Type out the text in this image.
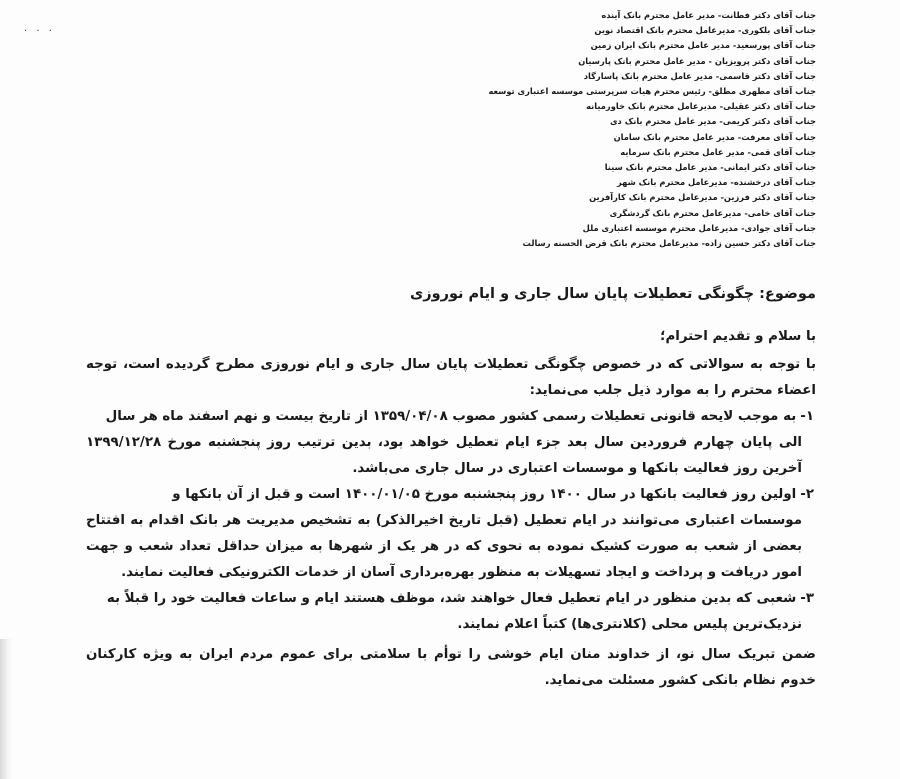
· · ·
جناب آقای دکتر فطانت- مدیر عامل محترم بانک آینده
جناب آقای بلکوری- مدیرعامل محترم بانک اقتصاد نوین
جناب آقای پورسعید- مدیر عامل محترم بانک ایران زمین
جناب آقای دکتر پرویزیان - مدیر عامل محترم بانک پارسیان
جناب آقای دکتر قاسمی- مدیر عامل محترم بانک پاسارگاد
جناب آقای مطهری مطلق- رئیس محترم هیات سرپرستی موسسه اعتباری توسعه
جناب آقای دکتر عقیلی- مدیرعامل محترم بانک خاورمیانه
جناب آقای دکتر کریمی- مدیر عامل محترم بانک دی
جناب آقای معرفت- مدیر عامل محترم بانک سامان
جناب آقای قمی- مدیر عامل محترم بانک سرمایه
جناب آقای دکتر ایمانی- مدیر عامل محترم بانک سینا
جناب آقای درخشنده- مدیرعامل محترم بانک شهر
جناب آقای دکتر فرزین- مدیرعامل محترم بانک کارآفرین
جناب آقای خامی- مدیرعامل محترم بانک گردشگری
جناب آقای جوادی- مدیرعامل محترم موسسه اعتباری ملل
جناب آقای دکتر حسین زاده- مدیرعامل محترم بانک قرض الحسنه رسالت
موضوع: چگونگی تعطیلات پایان سال جاری و ایام نوروزی

با سلام و تقدیم احترام؛

با توجه به سوالاتی که در خصوص چگونگی تعطیلات پایان سال جاری و ایام نوروزی مطرح گردیده است، توجه اعضاء محترم را به موارد ذیل جلب می‌نماید:

۱-به موجب لایحه قانونی تعطیلات رسمی کشور مصوب ۱۳۵۹/۰۴/۰۸ از تاریخ بیست و نهم اسفند ماه هر سال
الی پایان چهارم فروردین سال بعد جزء ایام تعطیل خواهد بود، بدین ترتیب روز پنجشنبه مورخ ۱۳۹۹/۱۲/۲۸ آخرین روز فعالیت بانکها و موسسات اعتباری در سال جاری می‌باشد.

۲-اولین روز فعالیت بانکها در سال ۱۴۰۰ روز پنجشنبه مورخ ۱۴۰۰/۰۱/۰۵ است و قبل از آن بانکها و
موسسات اعتباری می‌توانند در ایام تعطیل (قبل تاریخ اخیرالذکر) به تشخیص مدیریت هر بانک اقدام به افتتاح بعضی از شعب به صورت کشیک نموده به نحوی که در هر یک از شهرها به میزان حداقل تعداد شعب و جهت امور دریافت و پرداخت و ایجاد تسهیلات به منظور بهره‌برداری آسان از خدمات الکترونیکی فعالیت نمایند.

۳-شعبی که بدین منظور در ایام تعطیل فعال خواهند شد، موظف هستند ایام و ساعات فعالیت خود را قبلاً به
نزدیک‌ترین پلیس محلی (کلانتری‌ها) کتباً اعلام نمایند.

ضمن تبریک سال نو، از خداوند منان ایام خوشی را توأم با سلامتی برای عموم مردم ایران به ویژه کارکنان خدوم نظام بانکی کشور مسئلت می‌نماید.
